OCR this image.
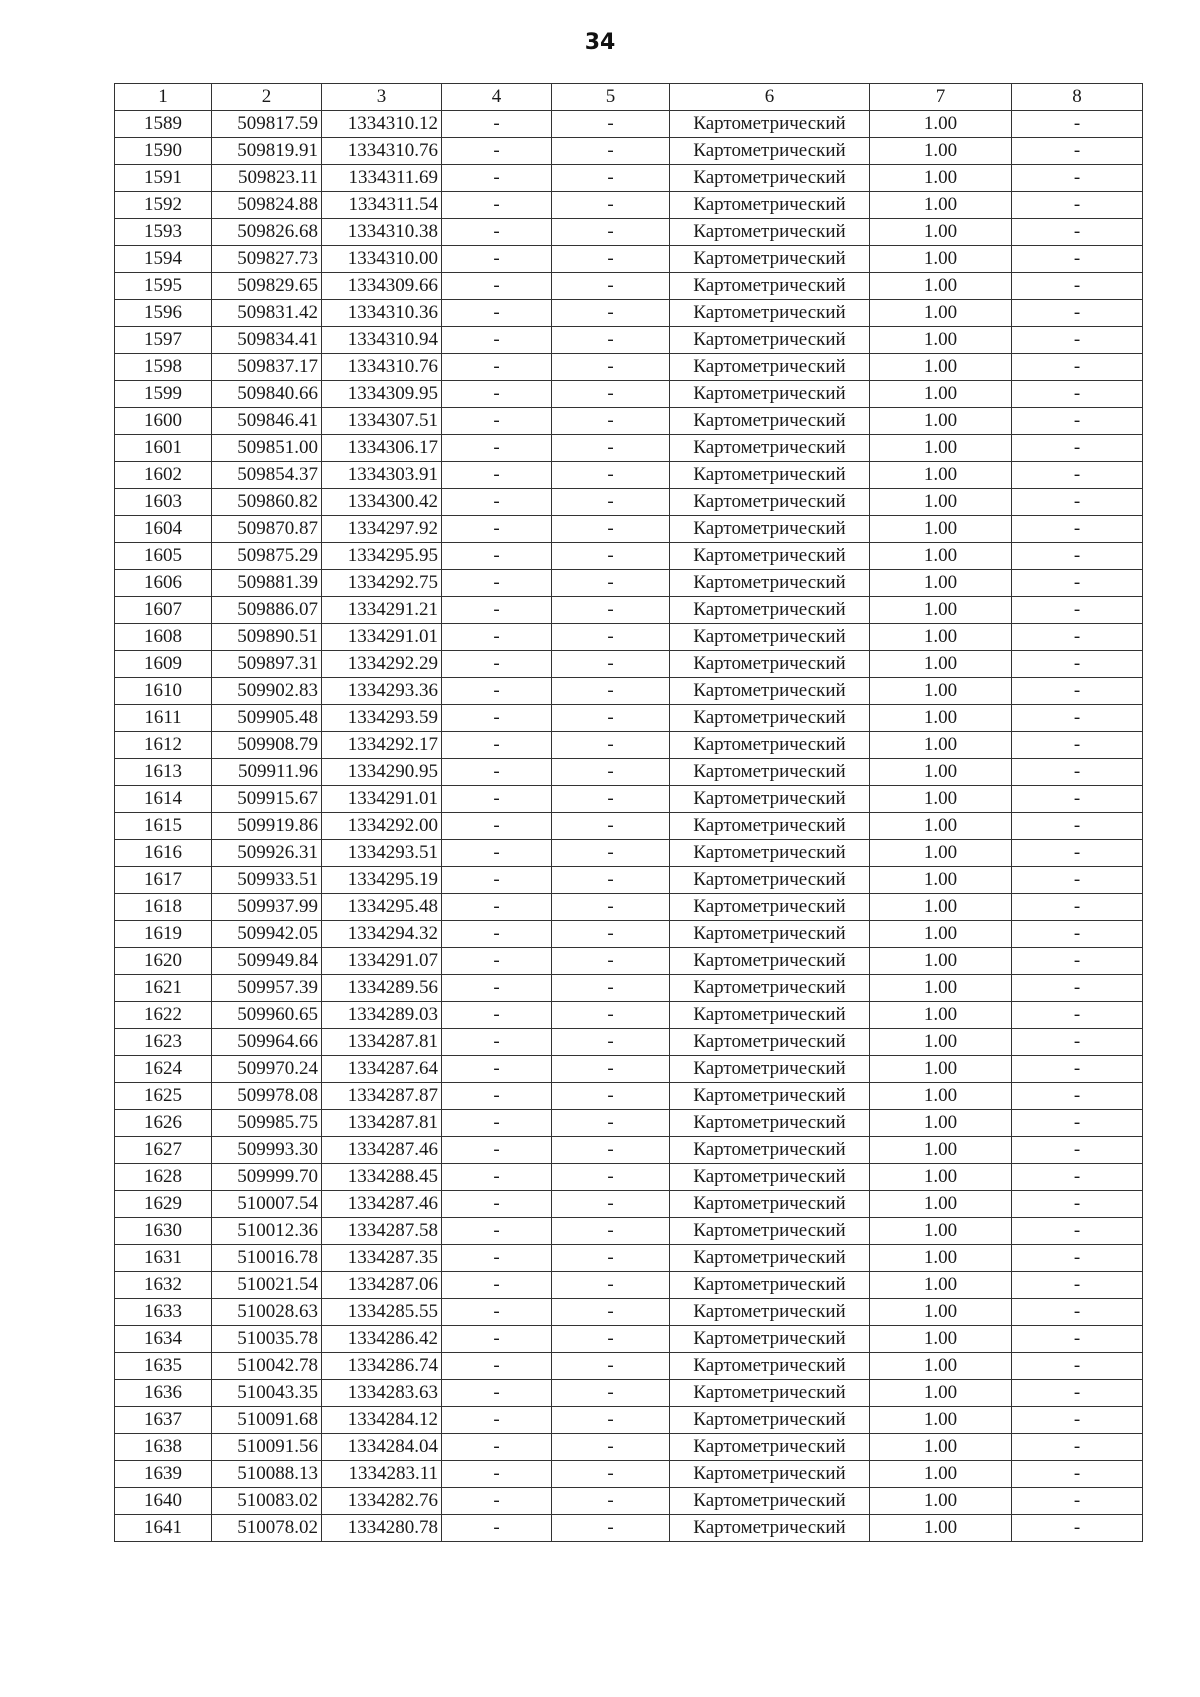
34
1	2	3	4	5	6	7	8
1589	509817.59	1334310.12	-	-	Картометрический	1.00	-
1590	509819.91	1334310.76	-	-	Картометрический	1.00	-
1591	509823.11	1334311.69	-	-	Картометрический	1.00	-
1592	509824.88	1334311.54	-	-	Картометрический	1.00	-
1593	509826.68	1334310.38	-	-	Картометрический	1.00	-
1594	509827.73	1334310.00	-	-	Картометрический	1.00	-
1595	509829.65	1334309.66	-	-	Картометрический	1.00	-
1596	509831.42	1334310.36	-	-	Картометрический	1.00	-
1597	509834.41	1334310.94	-	-	Картометрический	1.00	-
1598	509837.17	1334310.76	-	-	Картометрический	1.00	-
1599	509840.66	1334309.95	-	-	Картометрический	1.00	-
1600	509846.41	1334307.51	-	-	Картометрический	1.00	-
1601	509851.00	1334306.17	-	-	Картометрический	1.00	-
1602	509854.37	1334303.91	-	-	Картометрический	1.00	-
1603	509860.82	1334300.42	-	-	Картометрический	1.00	-
1604	509870.87	1334297.92	-	-	Картометрический	1.00	-
1605	509875.29	1334295.95	-	-	Картометрический	1.00	-
1606	509881.39	1334292.75	-	-	Картометрический	1.00	-
1607	509886.07	1334291.21	-	-	Картометрический	1.00	-
1608	509890.51	1334291.01	-	-	Картометрический	1.00	-
1609	509897.31	1334292.29	-	-	Картометрический	1.00	-
1610	509902.83	1334293.36	-	-	Картометрический	1.00	-
1611	509905.48	1334293.59	-	-	Картометрический	1.00	-
1612	509908.79	1334292.17	-	-	Картометрический	1.00	-
1613	509911.96	1334290.95	-	-	Картометрический	1.00	-
1614	509915.67	1334291.01	-	-	Картометрический	1.00	-
1615	509919.86	1334292.00	-	-	Картометрический	1.00	-
1616	509926.31	1334293.51	-	-	Картометрический	1.00	-
1617	509933.51	1334295.19	-	-	Картометрический	1.00	-
1618	509937.99	1334295.48	-	-	Картометрический	1.00	-
1619	509942.05	1334294.32	-	-	Картометрический	1.00	-
1620	509949.84	1334291.07	-	-	Картометрический	1.00	-
1621	509957.39	1334289.56	-	-	Картометрический	1.00	-
1622	509960.65	1334289.03	-	-	Картометрический	1.00	-
1623	509964.66	1334287.81	-	-	Картометрический	1.00	-
1624	509970.24	1334287.64	-	-	Картометрический	1.00	-
1625	509978.08	1334287.87	-	-	Картометрический	1.00	-
1626	509985.75	1334287.81	-	-	Картометрический	1.00	-
1627	509993.30	1334287.46	-	-	Картометрический	1.00	-
1628	509999.70	1334288.45	-	-	Картометрический	1.00	-
1629	510007.54	1334287.46	-	-	Картометрический	1.00	-
1630	510012.36	1334287.58	-	-	Картометрический	1.00	-
1631	510016.78	1334287.35	-	-	Картометрический	1.00	-
1632	510021.54	1334287.06	-	-	Картометрический	1.00	-
1633	510028.63	1334285.55	-	-	Картометрический	1.00	-
1634	510035.78	1334286.42	-	-	Картометрический	1.00	-
1635	510042.78	1334286.74	-	-	Картометрический	1.00	-
1636	510043.35	1334283.63	-	-	Картометрический	1.00	-
1637	510091.68	1334284.12	-	-	Картометрический	1.00	-
1638	510091.56	1334284.04	-	-	Картометрический	1.00	-
1639	510088.13	1334283.11	-	-	Картометрический	1.00	-
1640	510083.02	1334282.76	-	-	Картометрический	1.00	-
1641	510078.02	1334280.78	-	-	Картометрический	1.00	-
